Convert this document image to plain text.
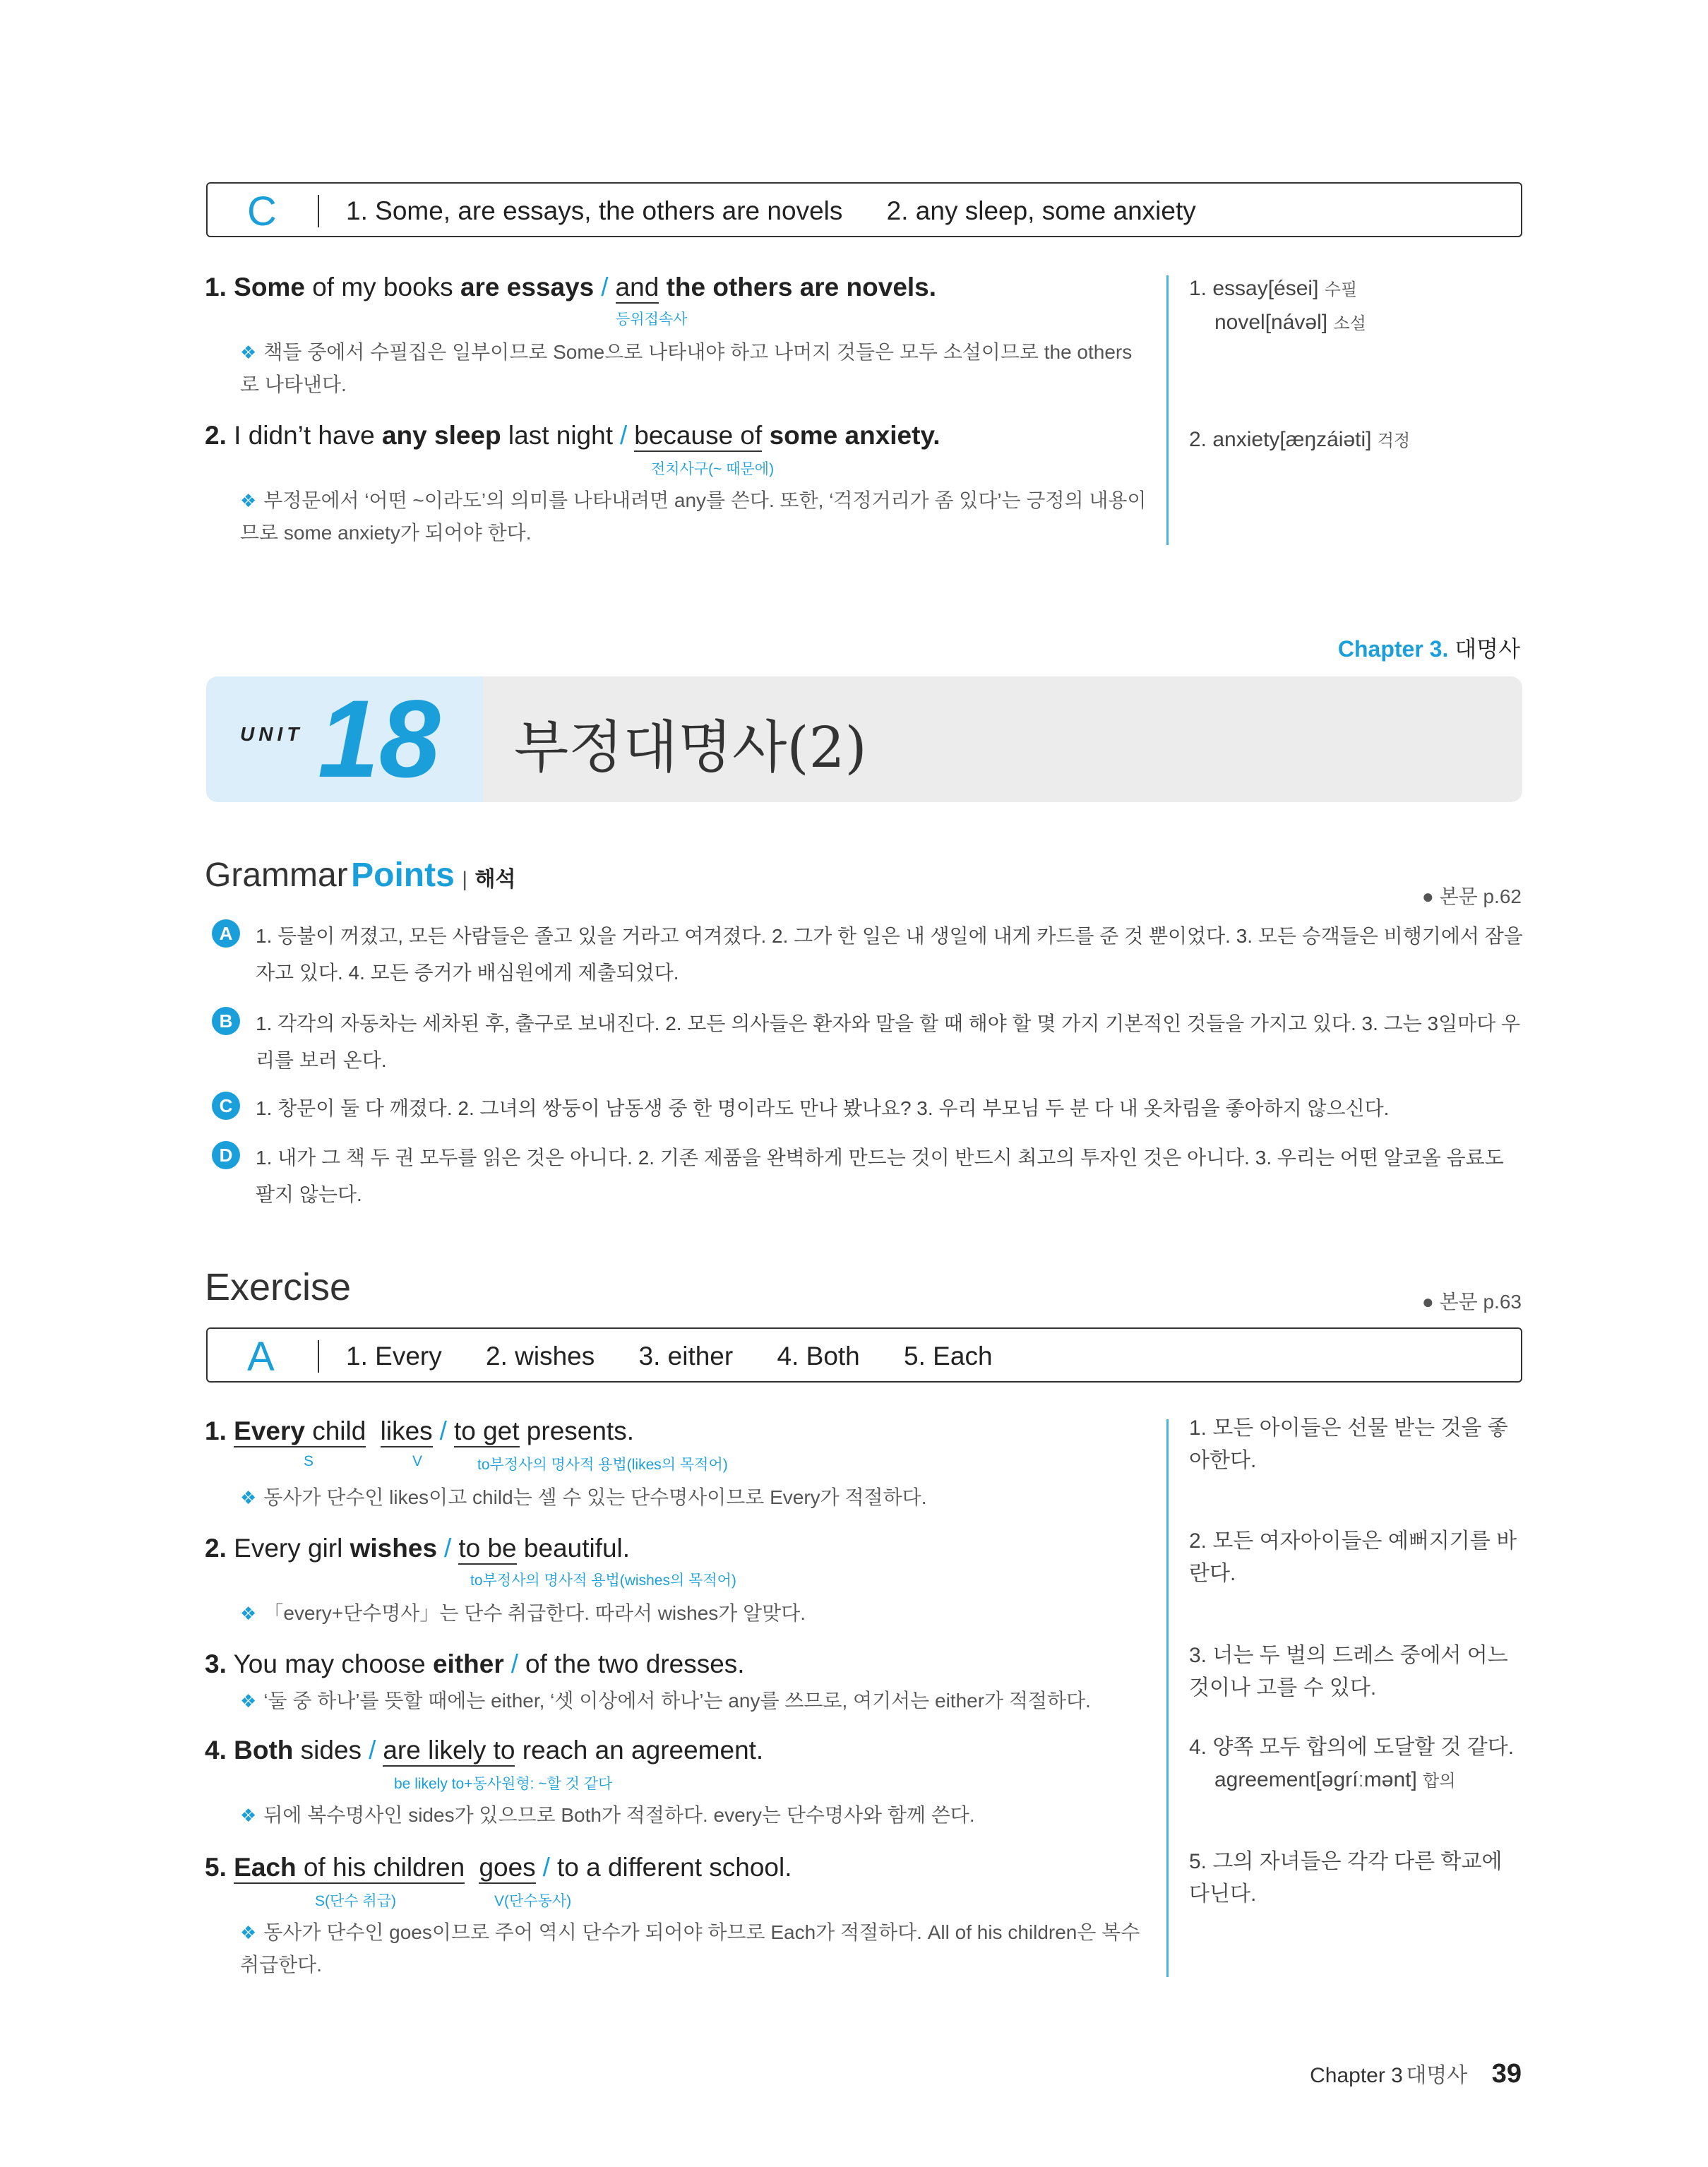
C	1. Some, are essays, the others are novels 2. any sleep, some anxiety
1. Some of my books are essays / and the others are novels.
등위접속사
❖ 책들 중에서 수필집은 일부이므로 Some으로 나타내야 하고 나머지 것들은 모두 소설이므로 the others로 나타낸다.
2. I didn’t have any sleep last night / because of some anxiety.
전치사구(~ 때문에)
❖ 부정문에서 ‘어떤 ~이라도’의 의미를 나타내려면 any를 쓴다. 또한, ‘걱정거리가 좀 있다’는 긍정의 내용이므로 some anxiety가 되어야 한다.
1. essay[ései] 수필
novel[návəl] 소설
2. anxiety[æŋzáiəti] 걱정
Chapter 3. 대명사
UNIT 18 부정대명사(2)
Grammar Points | 해석
● 본문 p.62
A	1. 등불이 꺼졌고, 모든 사람들은 졸고 있을 거라고 여겨졌다. 2. 그가 한 일은 내 생일에 내게 카드를 준 것 뿐이었다. 3. 모든 승객들은 비행기에서 잠을 자고 있다. 4. 모든 증거가 배심원에게 제출되었다.
B	1. 각각의 자동차는 세차된 후, 출구로 보내진다. 2. 모든 의사들은 환자와 말을 할 때 해야 할 몇 가지 기본적인 것들을 가지고 있다. 3. 그는 3일마다 우리를 보러 온다.
C	1. 창문이 둘 다 깨졌다. 2. 그녀의 쌍둥이 남동생 중 한 명이라도 만나 봤나요? 3. 우리 부모님 두 분 다 내 옷차림을 좋아하지 않으신다.
D	1. 내가 그 책 두 권 모두를 읽은 것은 아니다. 2. 기존 제품을 완벽하게 만드는 것이 반드시 최고의 투자인 것은 아니다. 3. 우리는 어떤 알코올 음료도 팔지 않는다.
Exercise	● 본문 p.63
A	1. Every 2. wishes 3. either 4. Both 5. Each
1. Every child likes / to get presents.
S	V	to부정사의 명사적 용법(likes의 목적어)
❖ 동사가 단수인 likes이고 child는 셀 수 있는 단수명사이므로 Every가 적절하다.
2. Every girl wishes / to be beautiful.
to부정사의 명사적 용법(wishes의 목적어)
❖ 「every+단수명사」는 단수 취급한다. 따라서 wishes가 알맞다.
3. You may choose either / of the two dresses.
❖ ‘둘 중 하나’를 뜻할 때에는 either, ‘셋 이상에서 하나’는 any를 쓰므로, 여기서는 either가 적절하다.
4. Both sides / are likely to reach an agreement.
be likely to+동사원형: ~할 것 같다
❖ 뒤에 복수명사인 sides가 있으므로 Both가 적절하다. every는 단수명사와 함께 쓴다.
5. Each of his children goes / to a different school.
S(단수 취급)	V(단수동사)
❖ 동사가 단수인 goes이므로 주어 역시 단수가 되어야 하므로 Each가 적절하다. All of his children은 복수 취급한다.
1. 모든 아이들은 선물 받는 것을 좋아한다.
2. 모든 여자아이들은 예뻐지기를 바란다.
3. 너는 두 벌의 드레스 중에서 어느 것이나 고를 수 있다.
4. 양쪽 모두 합의에 도달할 것 같다.
agreement[əgríːmənt] 합의
5. 그의 자녀들은 각각 다른 학교에 다닌다.
Chapter 3 대명사 39
